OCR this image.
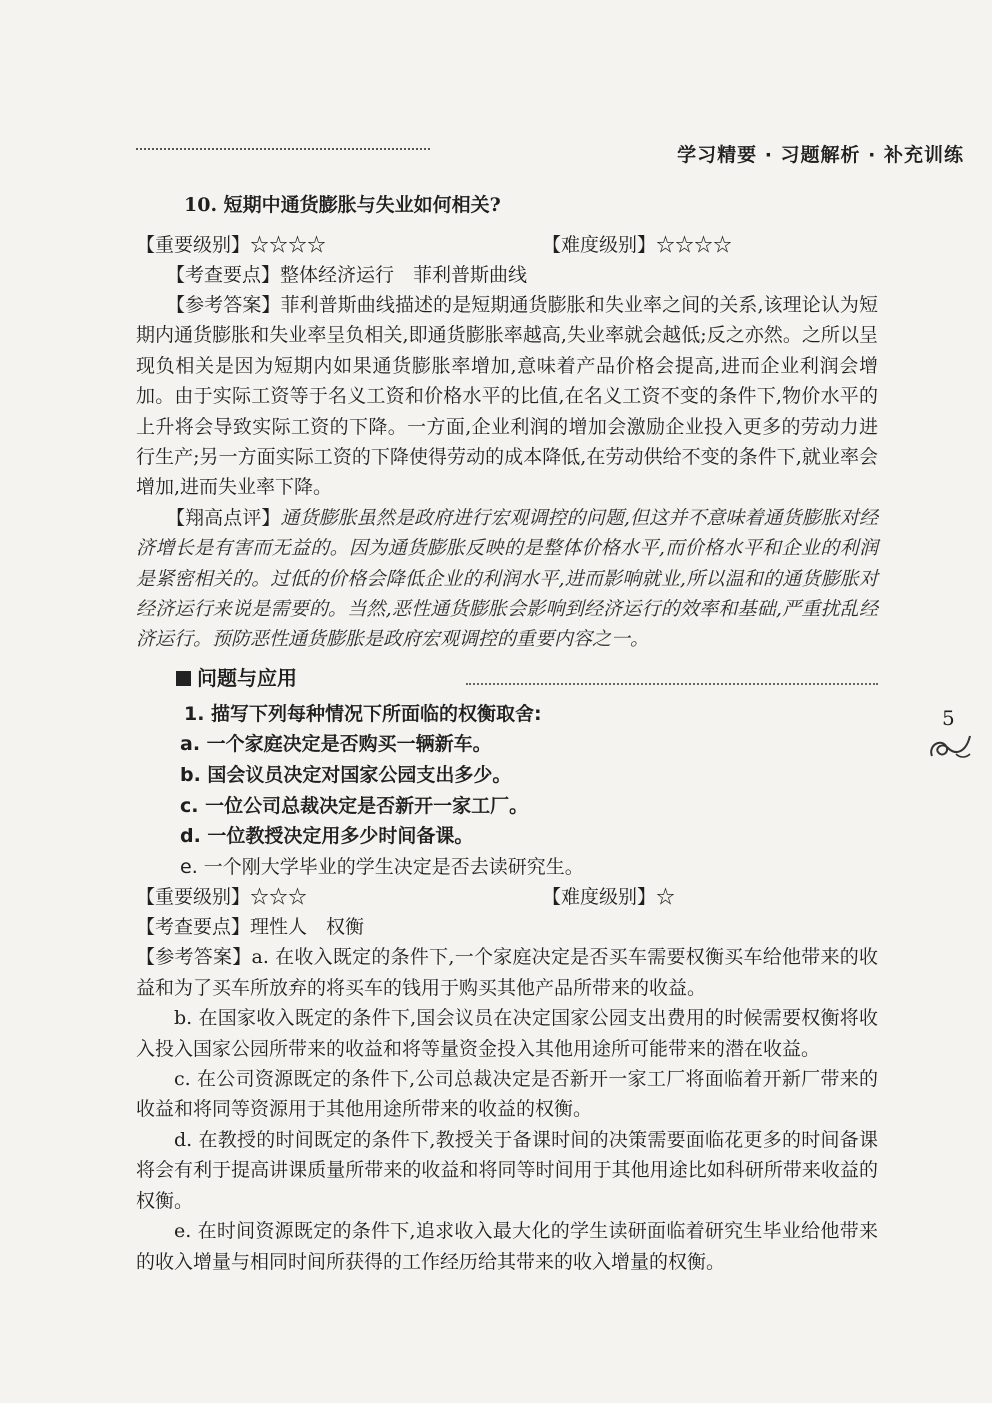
学习精要 · 习题解析 · 补充训练

10. 短期中通货膨胀与失业如何相关?

【重要级别】☆☆☆☆	【难度级别】☆☆☆☆

【考查要点】整体经济运行　菲利普斯曲线

【参考答案】菲利普斯曲线描述的是短期通货膨胀和失业率之间的关系,该理论认为短期内通货膨胀和失业率呈负相关,即通货膨胀率越高,失业率就会越低;反之亦然。之所以呈现负相关是因为短期内如果通货膨胀率增加,意味着产品价格会提高,进而企业利润会增加。由于实际工资等于名义工资和价格水平的比值,在名义工资不变的条件下,物价水平的上升将会导致实际工资的下降。一方面,企业利润的增加会激励企业投入更多的劳动力进行生产;另一方面实际工资的下降使得劳动的成本降低,在劳动供给不变的条件下,就业率会增加,进而失业率下降。

【翔高点评】通货膨胀虽然是政府进行宏观调控的问题,但这并不意味着通货膨胀对经济增长是有害而无益的。因为通货膨胀反映的是整体价格水平,而价格水平和企业的利润是紧密相关的。过低的价格会降低企业的利润水平,进而影响就业,所以温和的通货膨胀对经济运行来说是需要的。当然,恶性通货膨胀会影响到经济运行的效率和基础,严重扰乱经济运行。预防恶性通货膨胀是政府宏观调控的重要内容之一。

问题与应用

1. 描写下列每种情况下所面临的权衡取舍:

a. 一个家庭决定是否购买一辆新车。

b. 国会议员决定对国家公园支出多少。

c. 一位公司总裁决定是否新开一家工厂。

d. 一位教授决定用多少时间备课。

e. 一个刚大学毕业的学生决定是否去读研究生。

【重要级别】☆☆☆	【难度级别】☆

【考查要点】理性人　权衡

【参考答案】a. 在收入既定的条件下,一个家庭决定是否买车需要权衡买车给他带来的收益和为了买车所放弃的将买车的钱用于购买其他产品所带来的收益。

b. 在国家收入既定的条件下,国会议员在决定国家公园支出费用的时候需要权衡将收入投入国家公园所带来的收益和将等量资金投入其他用途所可能带来的潜在收益。

c. 在公司资源既定的条件下,公司总裁决定是否新开一家工厂将面临着开新厂带来的收益和将同等资源用于其他用途所带来的收益的权衡。

d. 在教授的时间既定的条件下,教授关于备课时间的决策需要面临花更多的时间备课将会有利于提高讲课质量所带来的收益和将同等时间用于其他用途比如科研所带来收益的权衡。

e. 在时间资源既定的条件下,追求收入最大化的学生读研面临着研究生毕业给他带来的收入增量与相同时间所获得的工作经历给其带来的收入增量的权衡。

5
